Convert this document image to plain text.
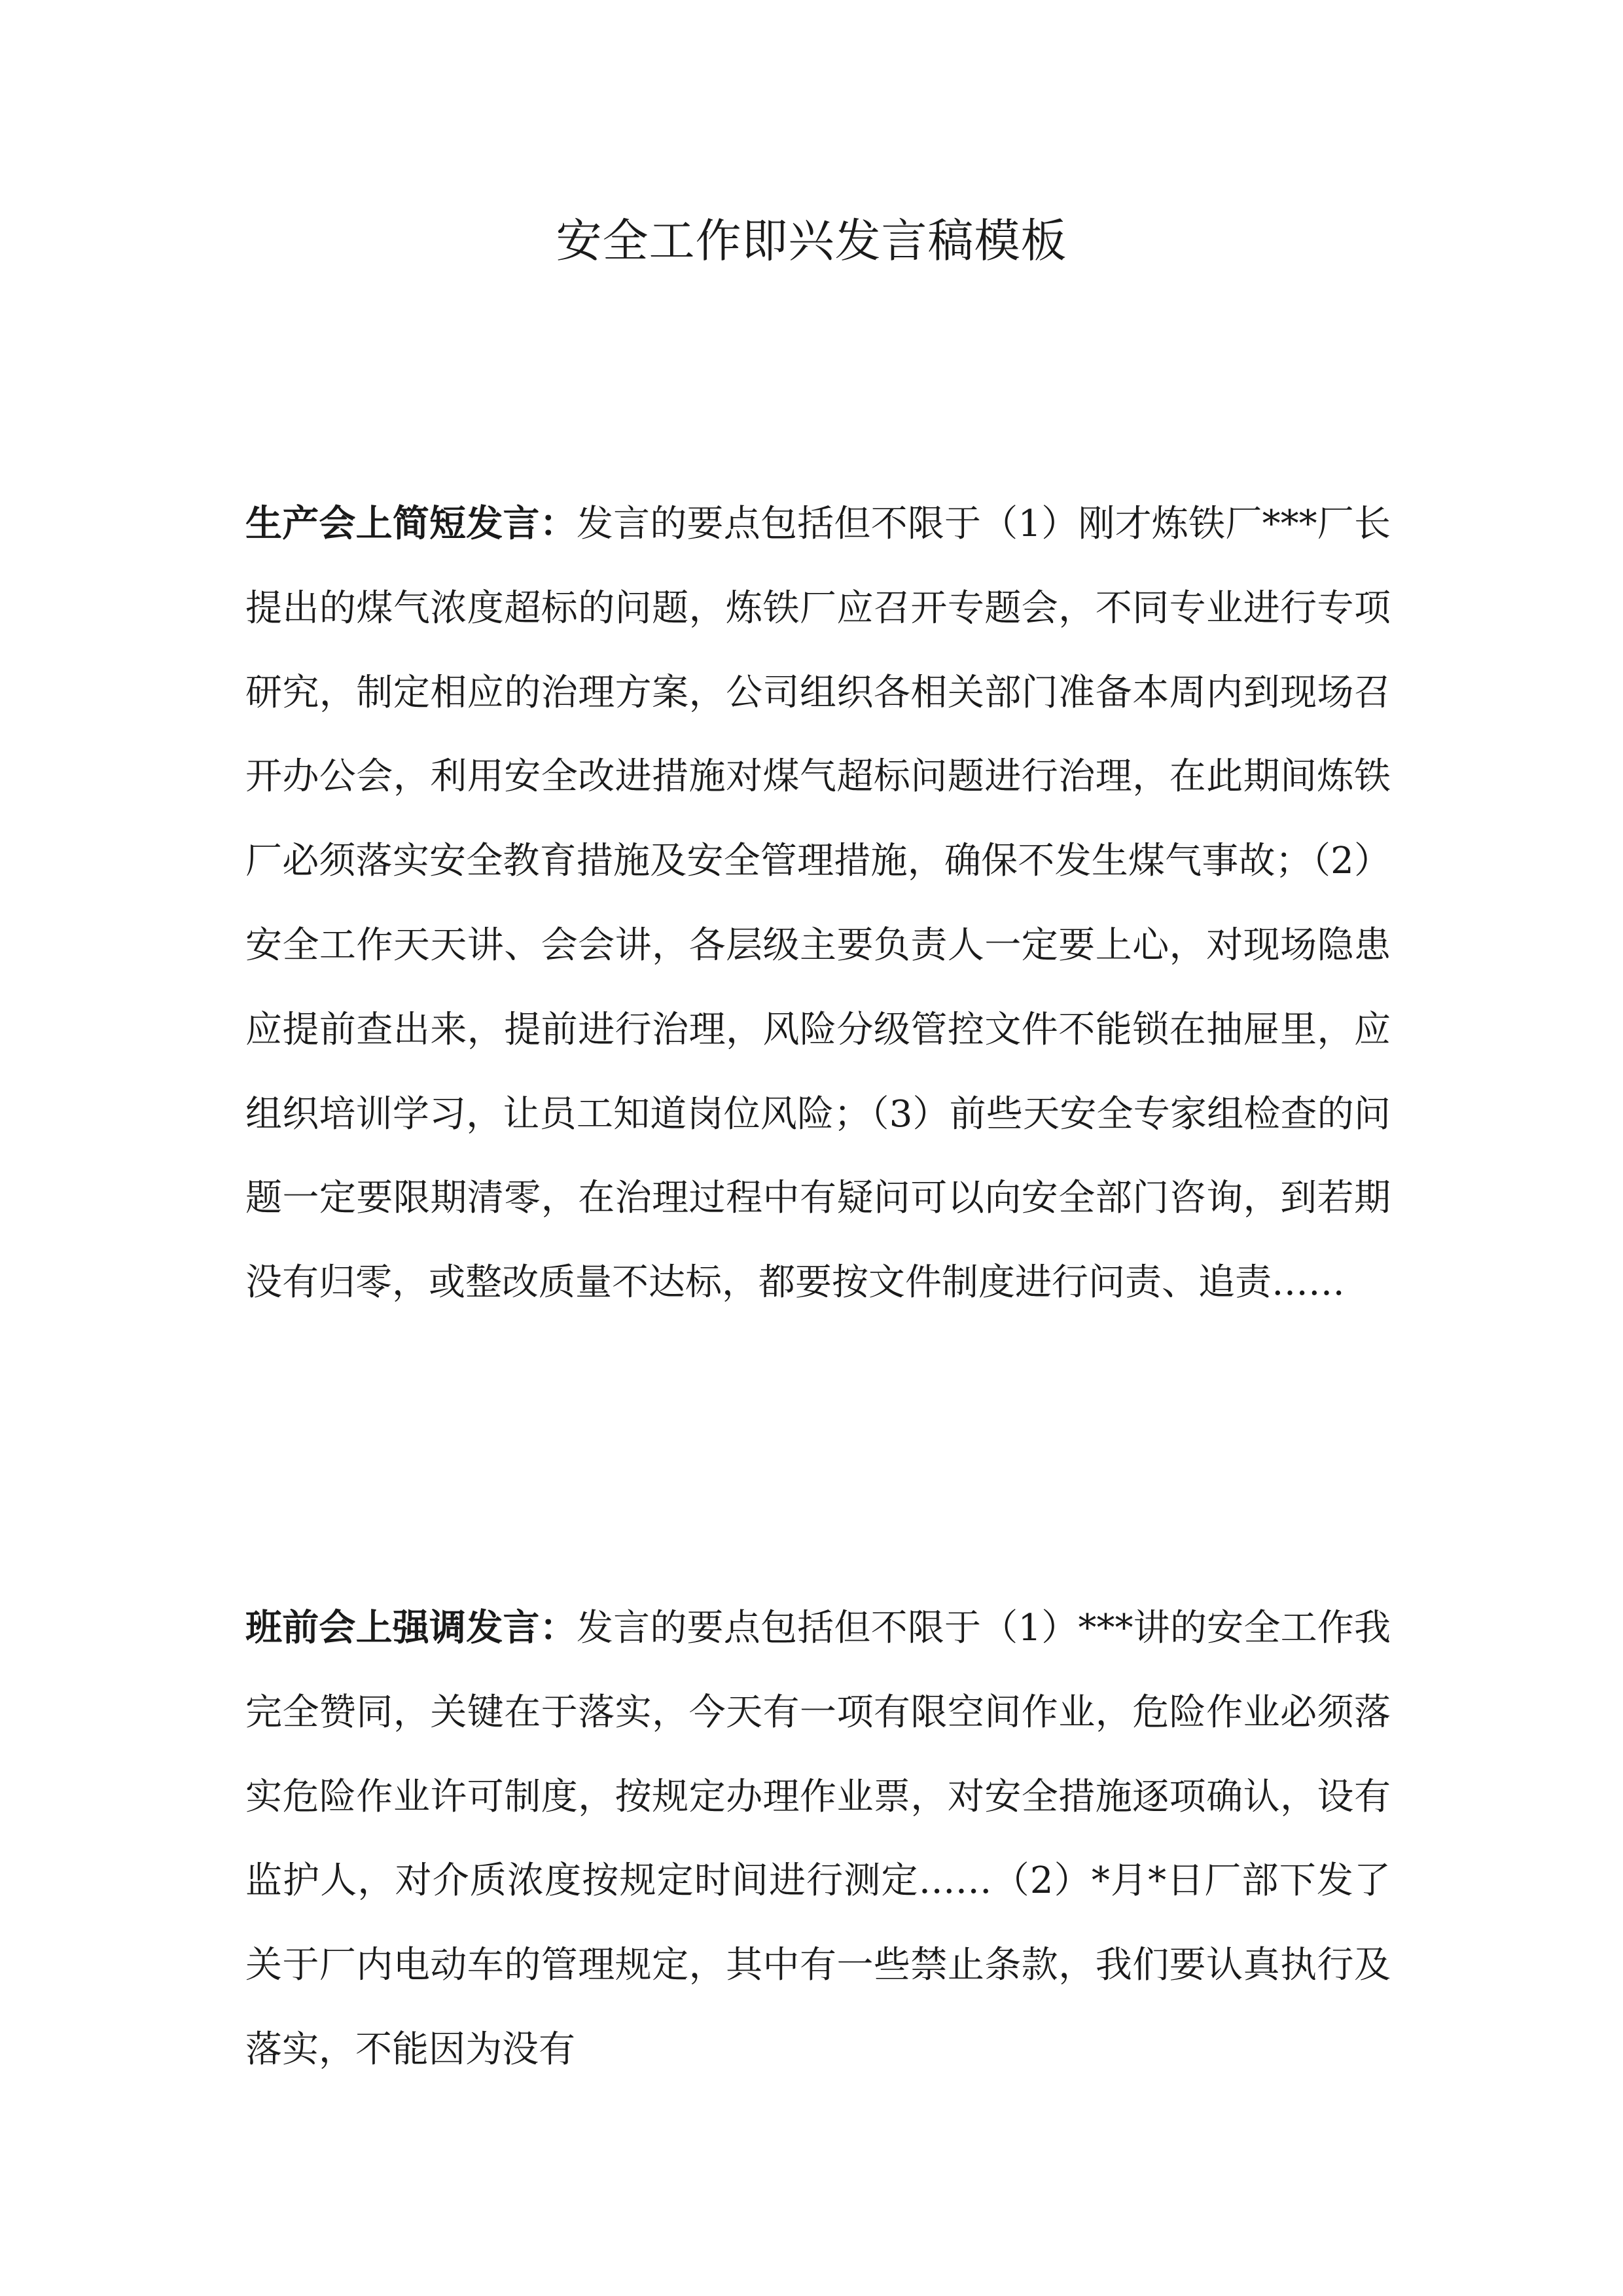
安全工作即兴发言稿模板

生产会上简短发言：发言的要点包括但不限于（1）刚才炼铁厂***厂长提出的煤气浓度超标的问题，炼铁厂应召开专题会，不同专业进行专项研究，制定相应的治理方案，公司组织各相关部门准备本周内到现场召开办公会，利用安全改进措施对煤气超标问题进行治理，在此期间炼铁厂必须落实安全教育措施及安全管理措施，确保不发生煤气事故；（2）安全工作天天讲、会会讲，各层级主要负责人一定要上心，对现场隐患应提前查出来，提前进行治理，风险分级管控文件不能锁在抽屉里，应组织培训学习，让员工知道岗位风险；（3）前些天安全专家组检查的问题一定要限期清零，在治理过程中有疑问可以向安全部门咨询，到若期没有归零，或整改质量不达标，都要按文件制度进行问责、追责……

班前会上强调发言：发言的要点包括但不限于（1）***讲的安全工作我完全赞同，关键在于落实，今天有一项有限空间作业，危险作业必须落实危险作业许可制度，按规定办理作业票，对安全措施逐项确认，设有监护人，对介质浓度按规定时间进行测定……（2）*月*日厂部下发了关于厂内电动车的管理规定，其中有一些禁止条款，我们要认真执行及落实，不能因为没有
